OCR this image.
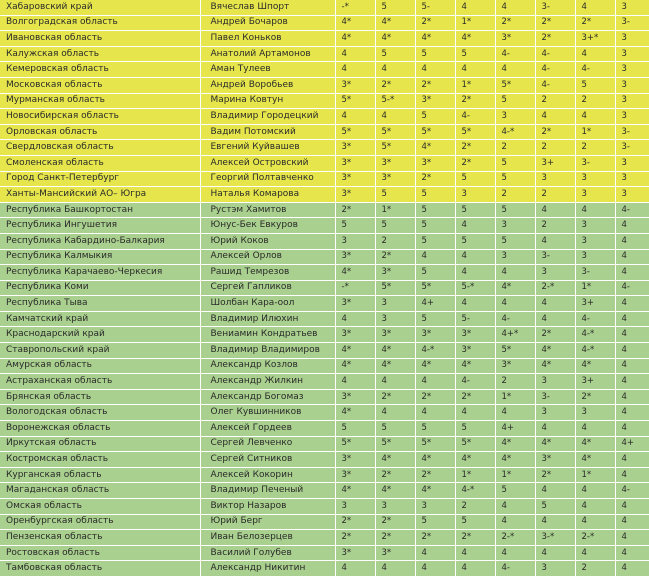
Хабаровский край	Вячеслав Шпорт	-*	5	5-	4	4	3-	4	3
Волгоградская область	Андрей Бочаров	4*	4*	2*	1*	2*	2*	2*	3-
Ивановская область	Павел Коньков	4*	4*	4*	4*	3*	2*	3+*	3
Калужская область	Анатолий Артамонов	4	5	5	5	4-	4-	4	3
Кемеровская область	Аман Тулеев	4	4	4	4	4	4-	4-	3
Московская область	Андрей Воробьев	3*	2*	2*	1*	5*	4-	5	3
Мурманская область	Марина Ковтун	5*	5-*	3*	2*	5	2	2	3
Новосибирская область	Владимир Городецкий	4	4	5	4-	3	4	4	3
Орловская область	Вадим Потомский	5*	5*	5*	5*	4-*	2*	1*	3-
Свердловская область	Евгений Куйвашев	3*	5*	4*	2*	2	2	2	3-
Смоленская область	Алексей Островский	3*	3*	3*	2*	5	3+	3-	3
Город Санкт-Петербург	Георгий Полтавченко	3*	3*	2*	5	5	3	3	3
Ханты-Мансийский АО– Югра	Наталья Комарова	3*	5	5	3	2	2	3	3
Республика Башкортостан	Рустэм Хамитов	2*	1*	5	5	5	4	4	4-
Республика Ингушетия	Юнус-Бек Евкуров	5	5	5	4	3	2	3	4
Республика Кабардино-Балкария	Юрий Коков	3	2	5	5	5	4	3	4
Республика Калмыкия	Алексей Орлов	3*	2*	4	4	3	3-	3	4
Республика Карачаево-Черкесия	Рашид Темрезов	4*	3*	5	4	4	3	3-	4
Республика Коми	Сергей Гапликов	-*	5*	5*	5-*	4*	2-*	1*	4-
Республика Тыва	Шолбан Кара-оол	3*	3	4+	4	4	4	3+	4
Камчатский край	Владимир Илюхин	4	3	5	5-	4-	4	4-	4
Краснодарский край	Вениамин Кондратьев	3*	3*	3*	3*	4+*	2*	4-*	4
Ставропольский край	Владимир Владимиров	4*	4*	4-*	3*	5*	4*	4-*	4
Амурская область	Александр Козлов	4*	4*	4*	4*	3*	4*	4*	4
Астраханская область	Александр Жилкин	4	4	4	4-	2	3	3+	4
Брянская область	Александр Богомаз	3*	2*	2*	2*	1*	3-	2*	4
Вологодская область	Олег Кувшинников	4*	4	4	4	4	3	3	4
Воронежская область	Алексей Гордеев	5	5	5	5	4+	4	4	4
Иркутская область	Сергей Левченко	5*	5*	5*	5*	4*	4*	4*	4+
Костромская область	Сергей Ситников	3*	4*	4*	4*	4*	3*	4*	4
Курганская область	Алексей Кокорин	3*	2*	2*	1*	1*	2*	1*	4
Магаданская область	Владимир Печеный	4*	4*	4*	4-*	5	4	4	4-
Омская область	Виктор Назаров	3	3	3	2	4	5	4	4
Оренбургская область	Юрий Берг	2*	2*	5	5	4	4	4	4
Пензенская область	Иван Белозерцев	2*	2*	2*	2*	2-*	3-*	2-*	4
Ростовская область	Василий Голубев	3*	3*	4	4	4	4	4	4
Тамбовская область	Александр Никитин	4	4	4	4	4-	3	2	4
